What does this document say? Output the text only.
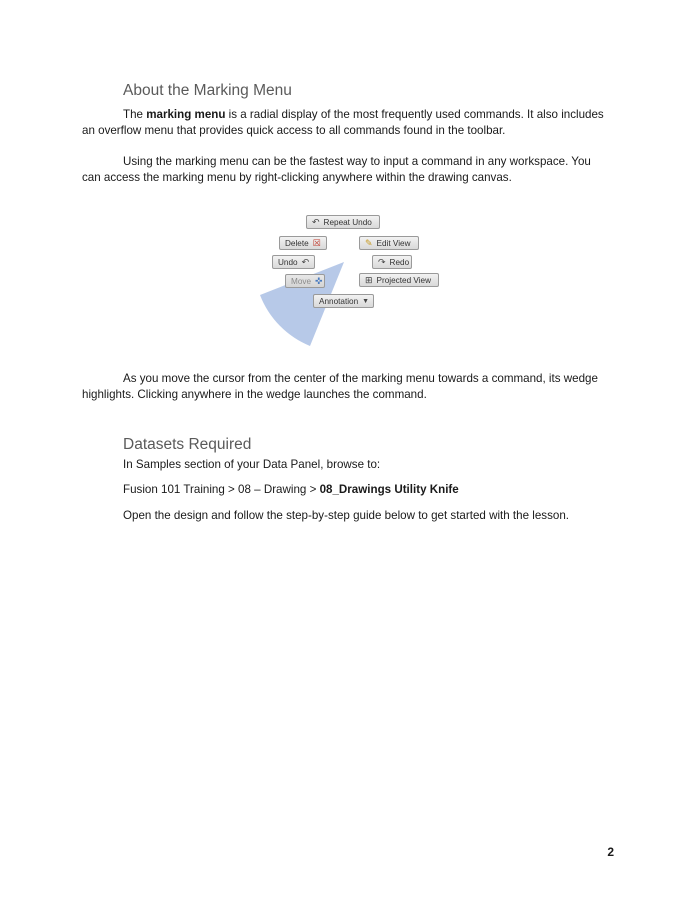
About the Marking Menu

The marking menu is a radial display of the most frequently used commands. It also includes an overflow menu that provides quick access to all commands found in the toolbar.

Using the marking menu can be the fastest way to input a command in any workspace. You can access the marking menu by right-clicking anywhere within the drawing canvas.

↶ Repeat Undo
Delete ☒	✎ Edit View
Undo ↶	↷ Redo
Move ✜	⊞ Projected View
Annotation ▼

As you move the cursor from the center of the marking menu towards a command, its wedge highlights. Clicking anywhere in the wedge launches the command.

Datasets Required

In Samples section of your Data Panel, browse to:

Fusion 101 Training > 08 – Drawing > 08_Drawings Utility Knife

Open the design and follow the step-by-step guide below to get started with the lesson.

2
